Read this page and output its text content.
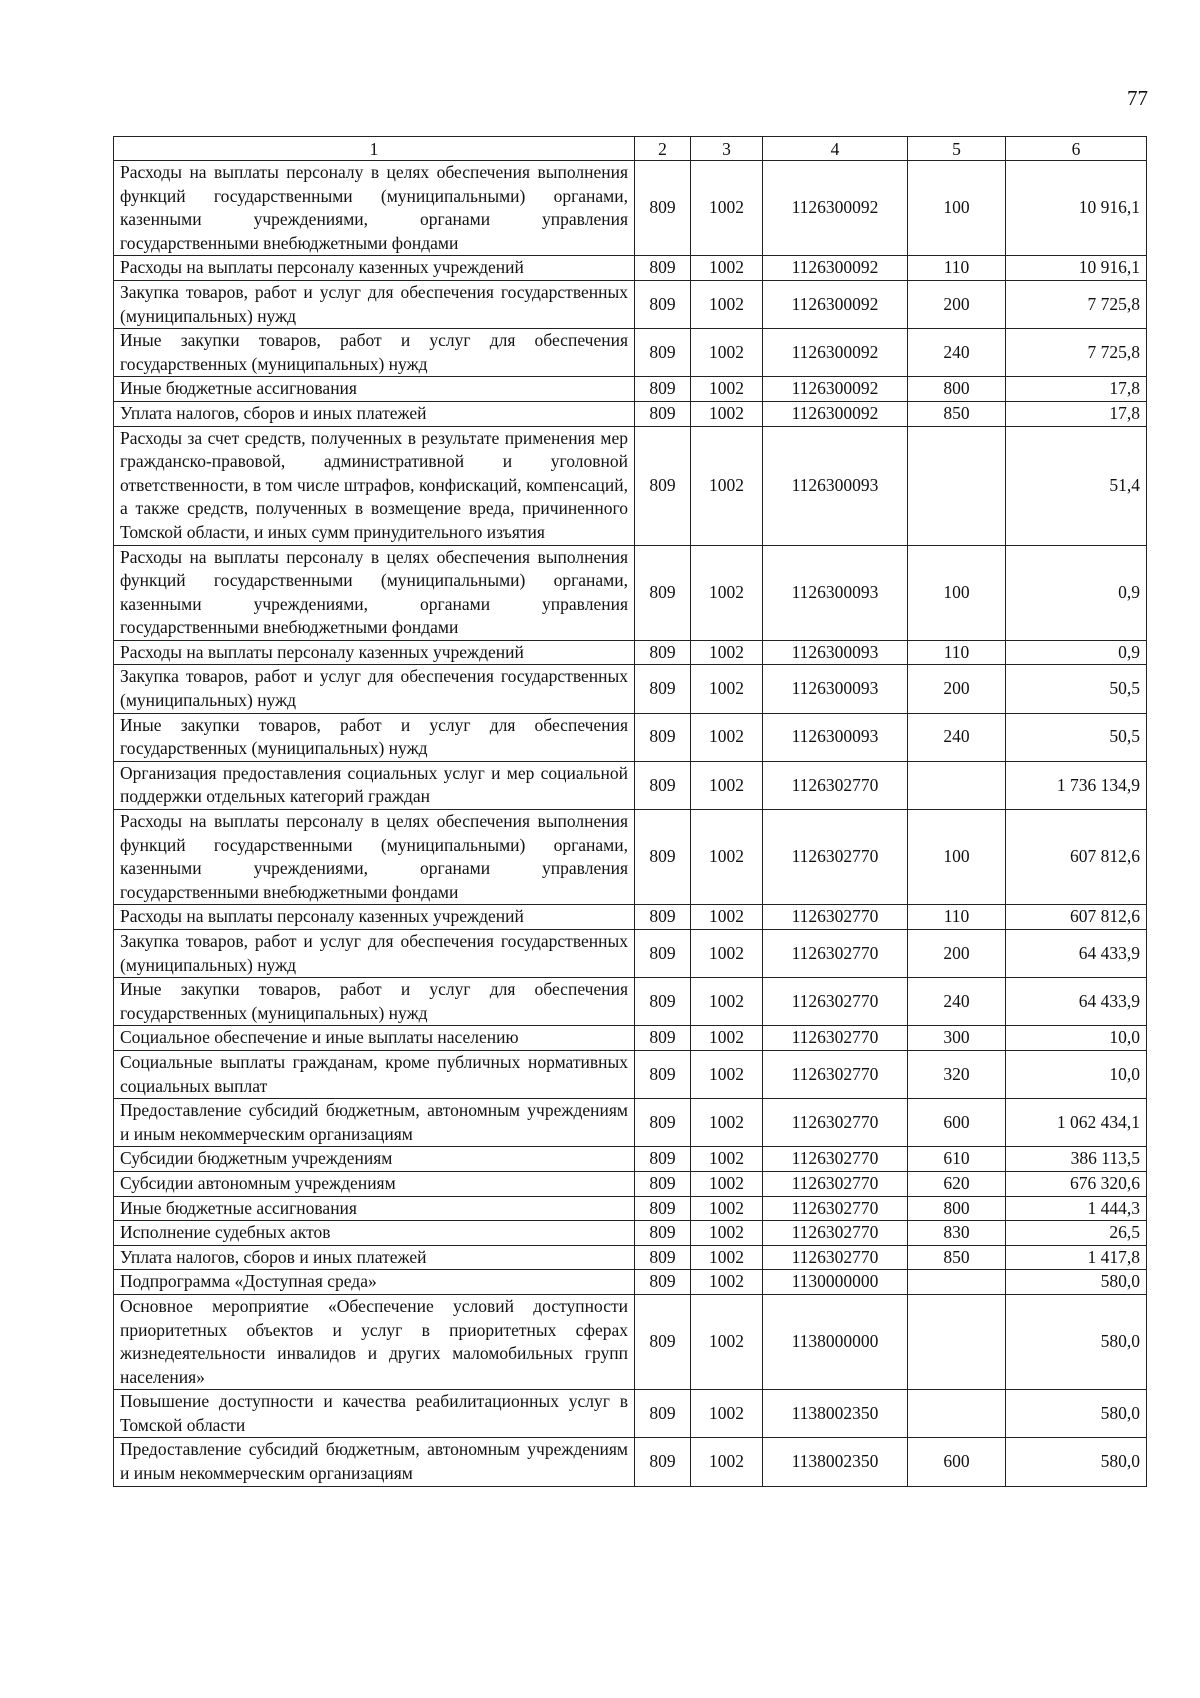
77
1	2	3	4	5	6
Расходы на выплаты персоналу в целях обеспечения выполнения функций государственными (муниципальными) органами, казенными учреждениями, органами управления государственными внебюджетными фондами	809	1002	1126300092	100	10 916,1
Расходы на выплаты персоналу казенных учреждений	809	1002	1126300092	110	10 916,1
Закупка товаров, работ и услуг для обеспечения государственных (муниципальных) нужд	809	1002	1126300092	200	7 725,8
Иные закупки товаров, работ и услуг для обеспечения государственных (муниципальных) нужд	809	1002	1126300092	240	7 725,8
Иные бюджетные ассигнования	809	1002	1126300092	800	17,8
Уплата налогов, сборов и иных платежей	809	1002	1126300092	850	17,8
Расходы за счет средств, полученных в результате применения мер гражданско-правовой, административной и уголовной ответственности, в том числе штрафов, конфискаций, компенсаций, а также средств, полученных в возмещение вреда, причиненного Томской области, и иных сумм принудительного изъятия	809	1002	1126300093		51,4
Расходы на выплаты персоналу в целях обеспечения выполнения функций государственными (муниципальными) органами, казенными учреждениями, органами управления государственными внебюджетными фондами	809	1002	1126300093	100	0,9
Расходы на выплаты персоналу казенных учреждений	809	1002	1126300093	110	0,9
Закупка товаров, работ и услуг для обеспечения государственных (муниципальных) нужд	809	1002	1126300093	200	50,5
Иные закупки товаров, работ и услуг для обеспечения государственных (муниципальных) нужд	809	1002	1126300093	240	50,5
Организация предоставления социальных услуг и мер социальной поддержки отдельных категорий граждан	809	1002	1126302770		1 736 134,9
Расходы на выплаты персоналу в целях обеспечения выполнения функций государственными (муниципальными) органами, казенными учреждениями, органами управления государственными внебюджетными фондами	809	1002	1126302770	100	607 812,6
Расходы на выплаты персоналу казенных учреждений	809	1002	1126302770	110	607 812,6
Закупка товаров, работ и услуг для обеспечения государственных (муниципальных) нужд	809	1002	1126302770	200	64 433,9
Иные закупки товаров, работ и услуг для обеспечения государственных (муниципальных) нужд	809	1002	1126302770	240	64 433,9
Социальное обеспечение и иные выплаты населению	809	1002	1126302770	300	10,0
Социальные выплаты гражданам, кроме публичных нормативных социальных выплат	809	1002	1126302770	320	10,0
Предоставление субсидий бюджетным, автономным учреждениям и иным некоммерческим организациям	809	1002	1126302770	600	1 062 434,1
Субсидии бюджетным учреждениям	809	1002	1126302770	610	386 113,5
Субсидии автономным учреждениям	809	1002	1126302770	620	676 320,6
Иные бюджетные ассигнования	809	1002	1126302770	800	1 444,3
Исполнение судебных актов	809	1002	1126302770	830	26,5
Уплата налогов, сборов и иных платежей	809	1002	1126302770	850	1 417,8
Подпрограмма «Доступная среда»	809	1002	1130000000		580,0
Основное мероприятие «Обеспечение условий доступности приоритетных объектов и услуг в приоритетных сферах жизнедеятельности инвалидов и других маломобильных групп населения»	809	1002	1138000000		580,0
Повышение доступности и качества реабилитационных услуг в Томской области	809	1002	1138002350		580,0
Предоставление субсидий бюджетным, автономным учреждениям и иным некоммерческим организациям	809	1002	1138002350	600	580,0
